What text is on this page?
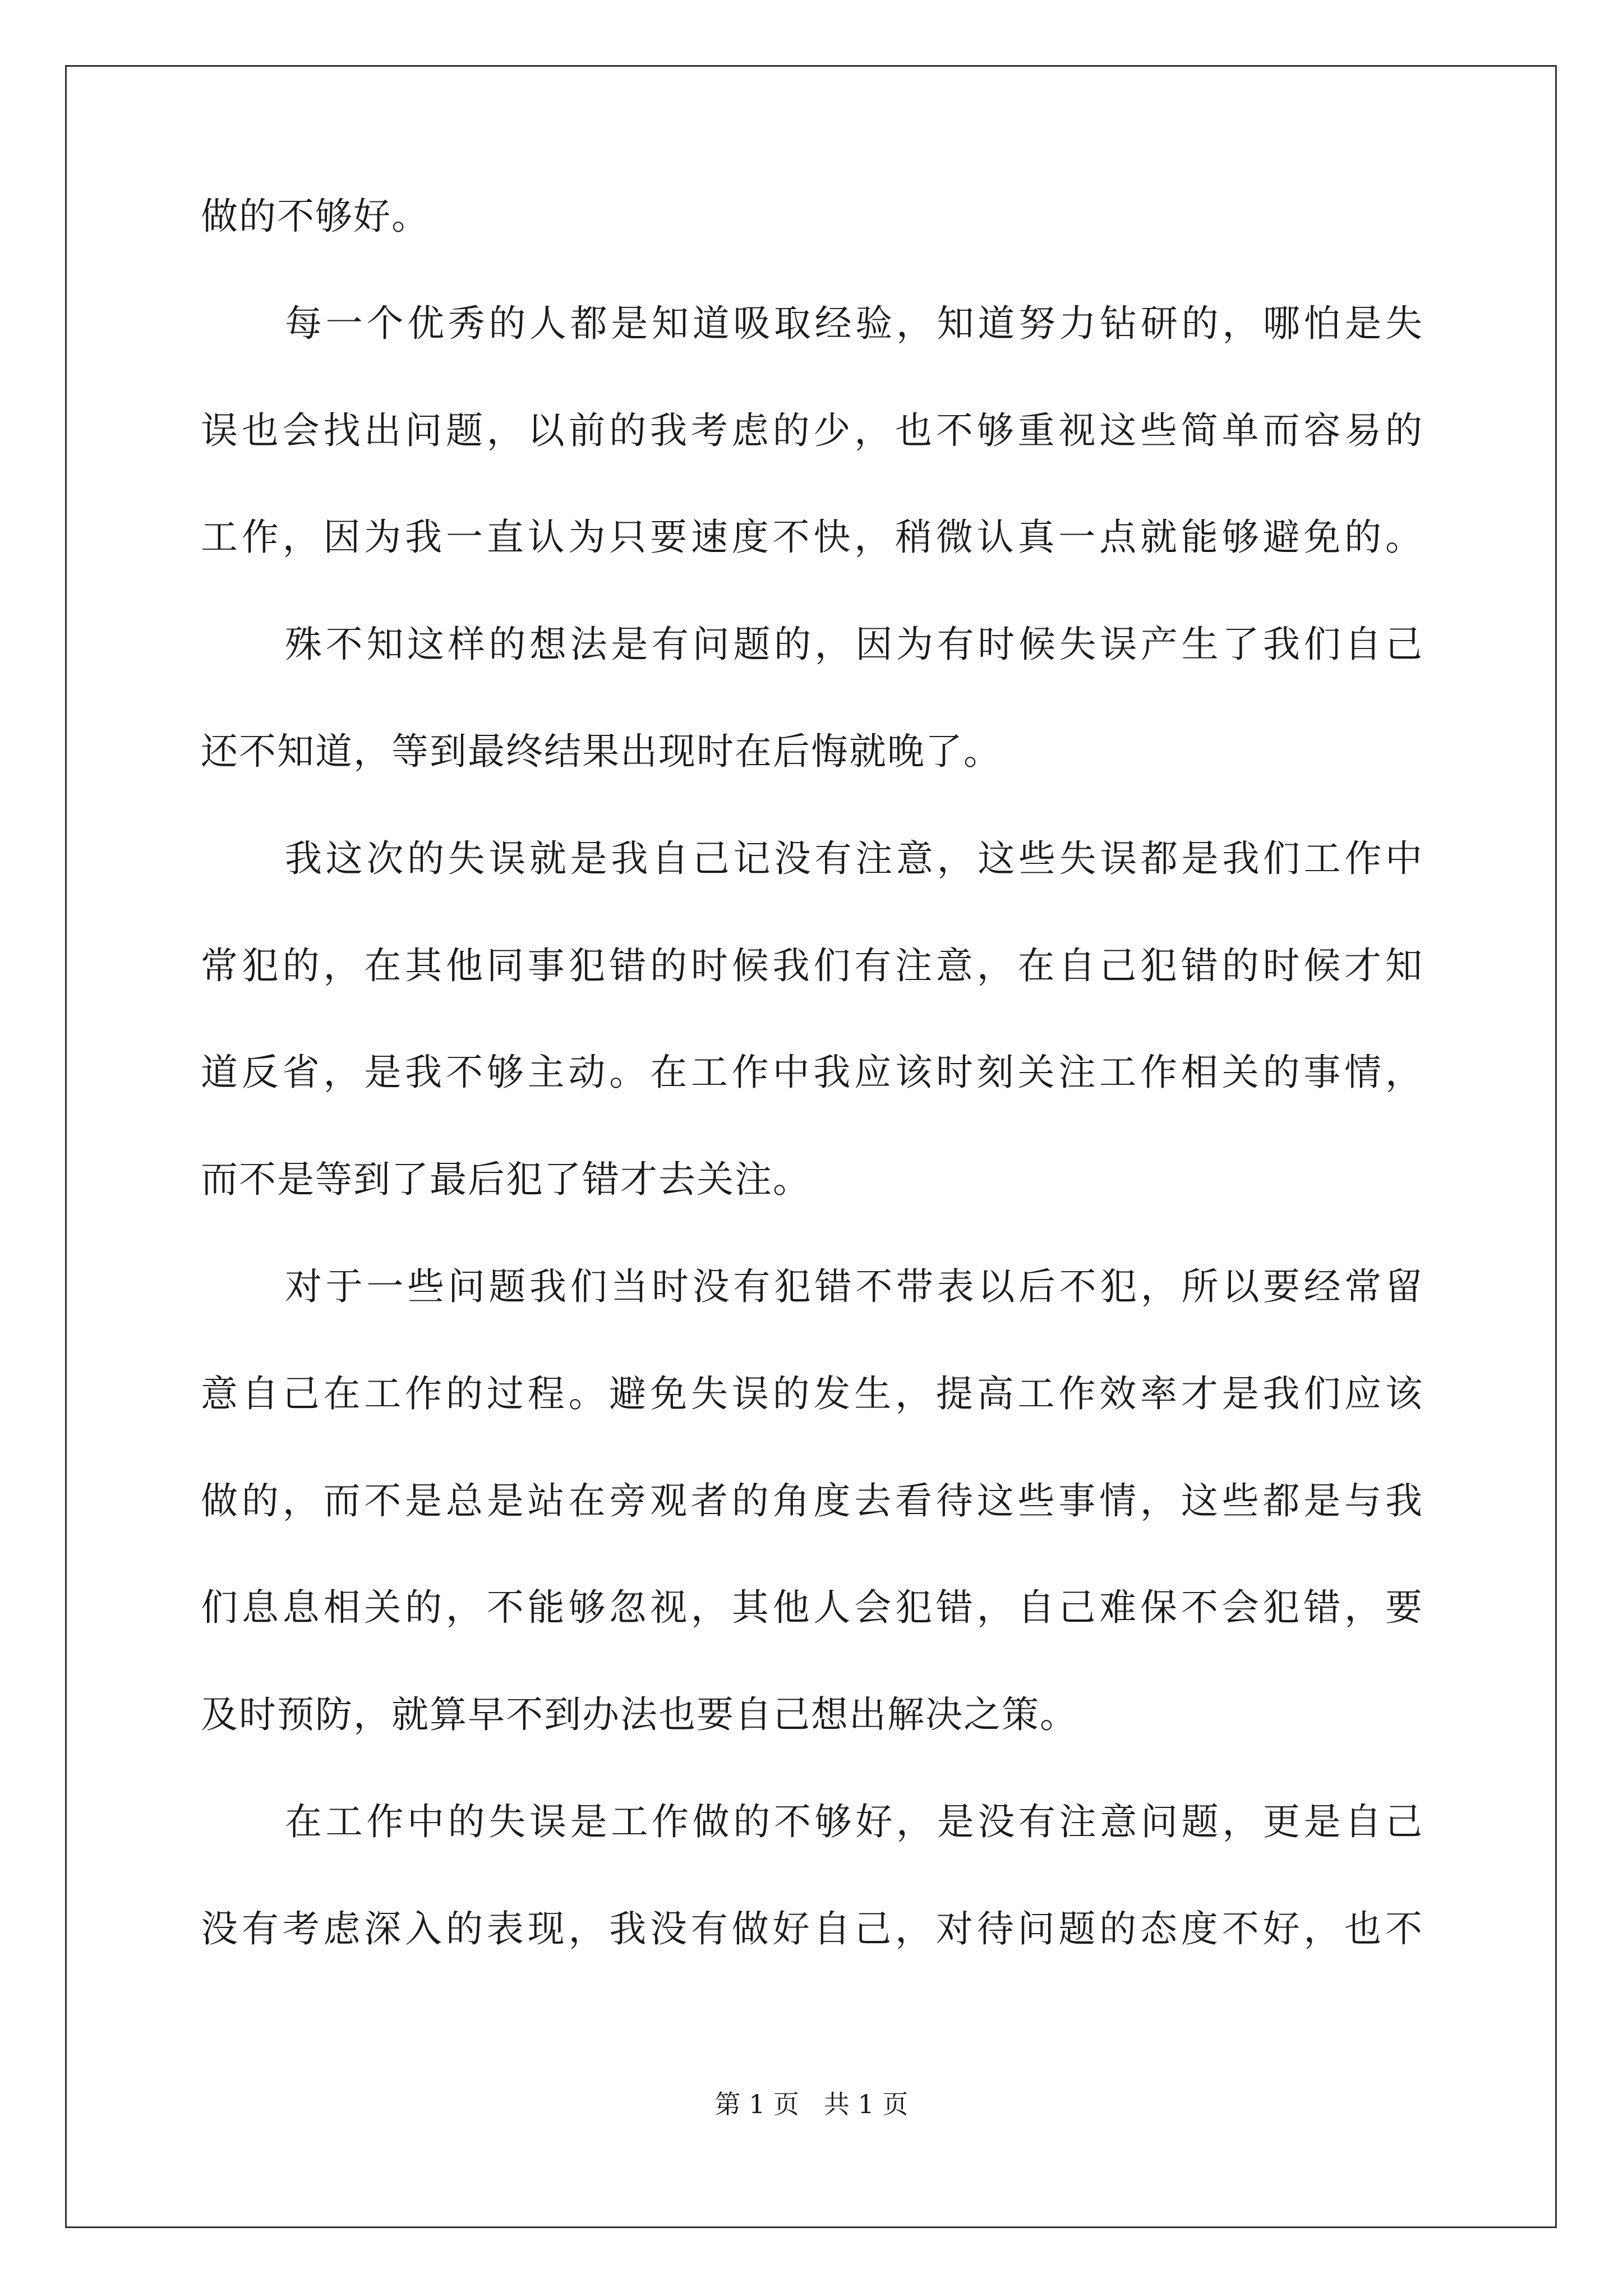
做的不够好。
每一个优秀的人都是知道吸取经验，知道努力钻研的，哪怕是失
误也会找出问题，以前的我考虑的少，也不够重视这些简单而容易的
工作，因为我一直认为只要速度不快，稍微认真一点就能够避免的。
殊不知这样的想法是有问题的，因为有时候失误产生了我们自己
还不知道，等到最终结果出现时在后悔就晚了。
我这次的失误就是我自己记没有注意，这些失误都是我们工作中
常犯的，在其他同事犯错的时候我们有注意，在自己犯错的时候才知
道反省，是我不够主动。在工作中我应该时刻关注工作相关的事情，
而不是等到了最后犯了错才去关注。
对于一些问题我们当时没有犯错不带表以后不犯，所以要经常留
意自己在工作的过程。避免失误的发生，提高工作效率才是我们应该
做的，而不是总是站在旁观者的角度去看待这些事情，这些都是与我
们息息相关的，不能够忽视，其他人会犯错，自己难保不会犯错，要
及时预防，就算早不到办法也要自己想出解决之策。
在工作中的失误是工作做的不够好，是没有注意问题，更是自己
没有考虑深入的表现，我没有做好自己，对待问题的态度不好，也不
第 1 页   共 1 页
